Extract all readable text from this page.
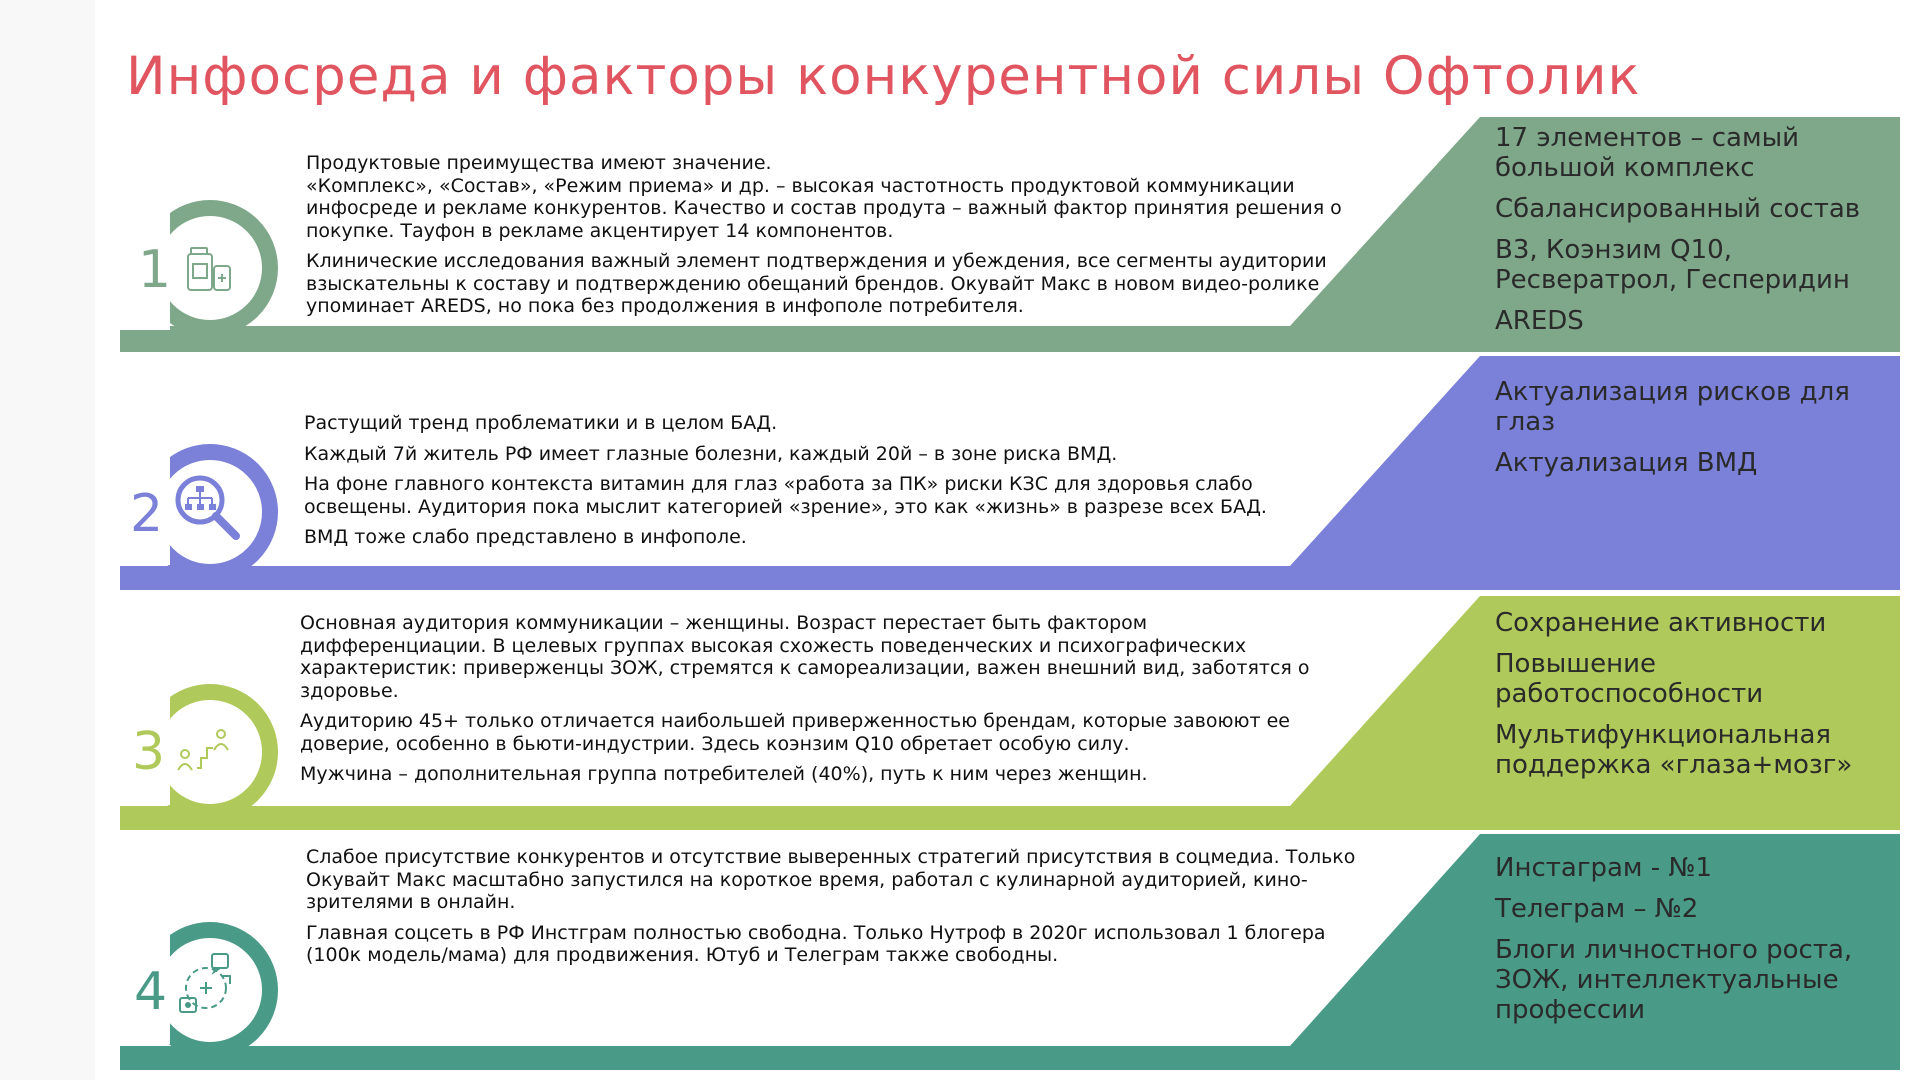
Инфосреда и факторы конкурентной силы Офтолик
1
2
3
4

Продуктовые преимущества имеют значение.
«Комплекс», «Состав», «Режим приема» и др. – высокая частотность продуктовой коммуникации
инфосреде и рекламе конкурентов. Качество и состав продута – важный фактор принятия решения о
покупке. Тауфон в рекламе акцентирует 14 компонентов.

Клинические исследования важный элемент подтверждения и убеждения, все сегменты аудитории
взыскательны к составу и подтверждению обещаний брендов. Окувайт Макс в новом видео-ролике
упоминает AREDS, но пока без продолжения в инфополе потребителя.

17 элементов – самый
большой комплекс

Сбалансированный состав

В3, Коэнзим Q10,
Ресвератрол, Гесперидин

AREDS

Растущий тренд проблематики и в целом БАД.

Каждый 7й житель РФ имеет глазные болезни, каждый 20й – в зоне риска ВМД.

На фоне главного контекста витамин для глаз «работа за ПК» риски КЗС для здоровья слабо
освещены. Аудитория пока мыслит категорией «зрение», это как «жизнь» в разрезе всех БАД.

ВМД тоже слабо представлено в инфополе.

Актуализация рисков для
глаз

Актуализация ВМД

Основная аудитория коммуникации – женщины. Возраст перестает быть фактором
дифференциации. В целевых группах высокая схожесть поведенческих и психографических
характеристик: приверженцы ЗОЖ, стремятся к самореализации, важен внешний вид, заботятся о
здоровье.

Аудиторию 45+ только отличается наибольшей приверженностью брендам, которые завоюют ее
доверие, особенно в бьюти-индустрии. Здесь коэнзим Q10 обретает особую силу.

Мужчина – дополнительная группа потребителей (40%), путь к ним через женщин.

Сохранение активности

Повышение
работоспособности

Мультифункциональная
поддержка «глаза+мозг»

Слабое присутствие конкурентов и отсутствие выверенных стратегий присутствия в соцмедиа. Только
Окувайт Макс масштабно запустился на короткое время, работал с кулинарной аудиторией, кино-
зрителями в онлайн.

Главная соцсеть в РФ Инстграм полностью свободна. Только Нутроф в 2020г использовал 1 блогера
(100к модель/мама) для продвижения. Ютуб и Телеграм также свободны.

Инстаграм - №1

Телеграм – №2

Блоги личностного роста,
ЗОЖ, интеллектуальные
профессии
